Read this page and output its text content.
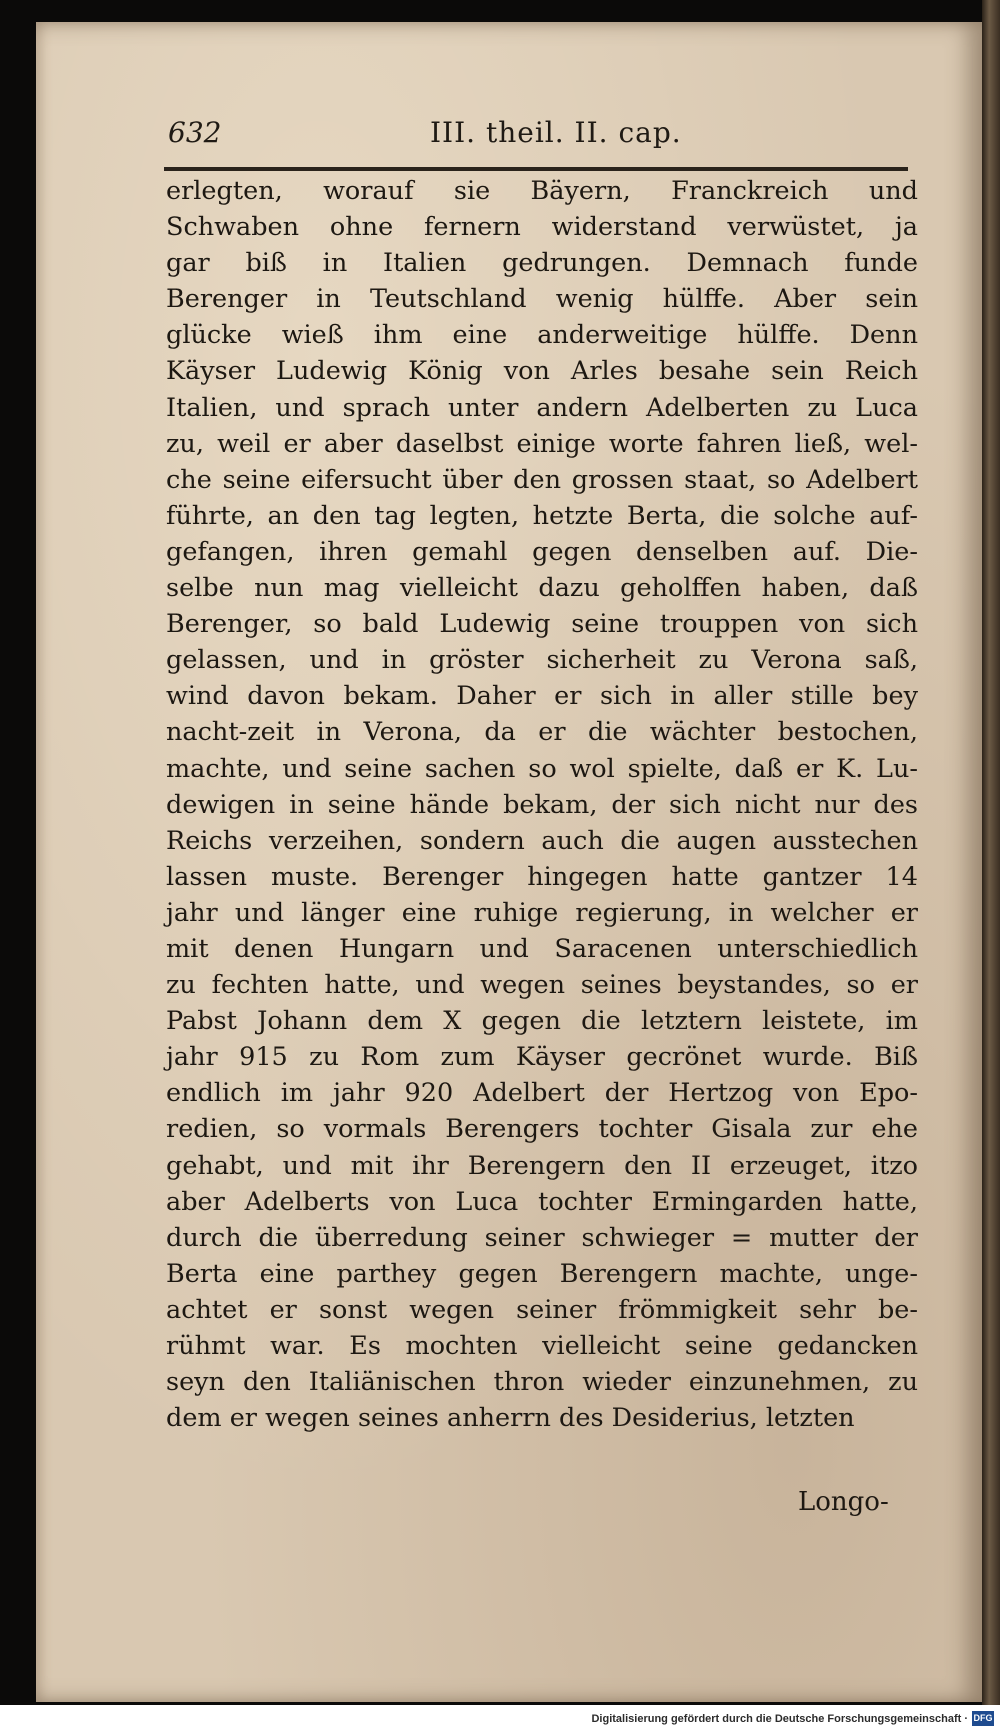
632	III. theil. II. cap.
erlegten, worauf sie Bäyern, Franckreich und
Schwaben ohne fernern widerstand verwüstet, ja
gar biß in Italien gedrungen. Demnach funde
Berenger in Teutschland wenig hülffe. Aber sein
glücke wieß ihm eine anderweitige hülffe. Denn
Käyser Ludewig König von Arles besahe sein Reich
Italien, und sprach unter andern Adelberten zu Luca
zu, weil er aber daselbst einige worte fahren ließ, wel-
che seine eifersucht über den grossen staat, so Adelbert
führte, an den tag legten, hetzte Berta, die solche auf-
gefangen, ihren gemahl gegen denselben auf. Die-
selbe nun mag vielleicht dazu geholffen haben, daß
Berenger, so bald Ludewig seine trouppen von sich
gelassen, und in gröster sicherheit zu Verona saß,
wind davon bekam. Daher er sich in aller stille bey
nacht-zeit in Verona, da er die wächter bestochen,
machte, und seine sachen so wol spielte, daß er K. Lu-
dewigen in seine hände bekam, der sich nicht nur des
Reichs verzeihen, sondern auch die augen ausstechen
lassen muste. Berenger hingegen hatte gantzer 14
jahr und länger eine ruhige regierung, in welcher er
mit denen Hungarn und Saracenen unterschiedlich
zu fechten hatte, und wegen seines beystandes, so er
Pabst Johann dem X gegen die letztern leistete, im
jahr 915 zu Rom zum Käyser gecrönet wurde. Biß
endlich im jahr 920 Adelbert der Hertzog von Epo-
redien, so vormals Berengers tochter Gisala zur ehe
gehabt, und mit ihr Berengern den II erzeuget, itzo
aber Adelberts von Luca tochter Ermingarden hatte,
durch die überredung seiner schwieger = mutter der
Berta eine parthey gegen Berengern machte, unge-
achtet er sonst wegen seiner frömmigkeit sehr be-
rühmt war. Es mochten vielleicht seine gedancken
seyn den Italiänischen thron wieder einzunehmen, zu
dem er wegen seines anherrn des Desiderius, letzten
Longo-
Digitalisierung gefördert durch die Deutsche Forschungsgemeinschaft · DFG
